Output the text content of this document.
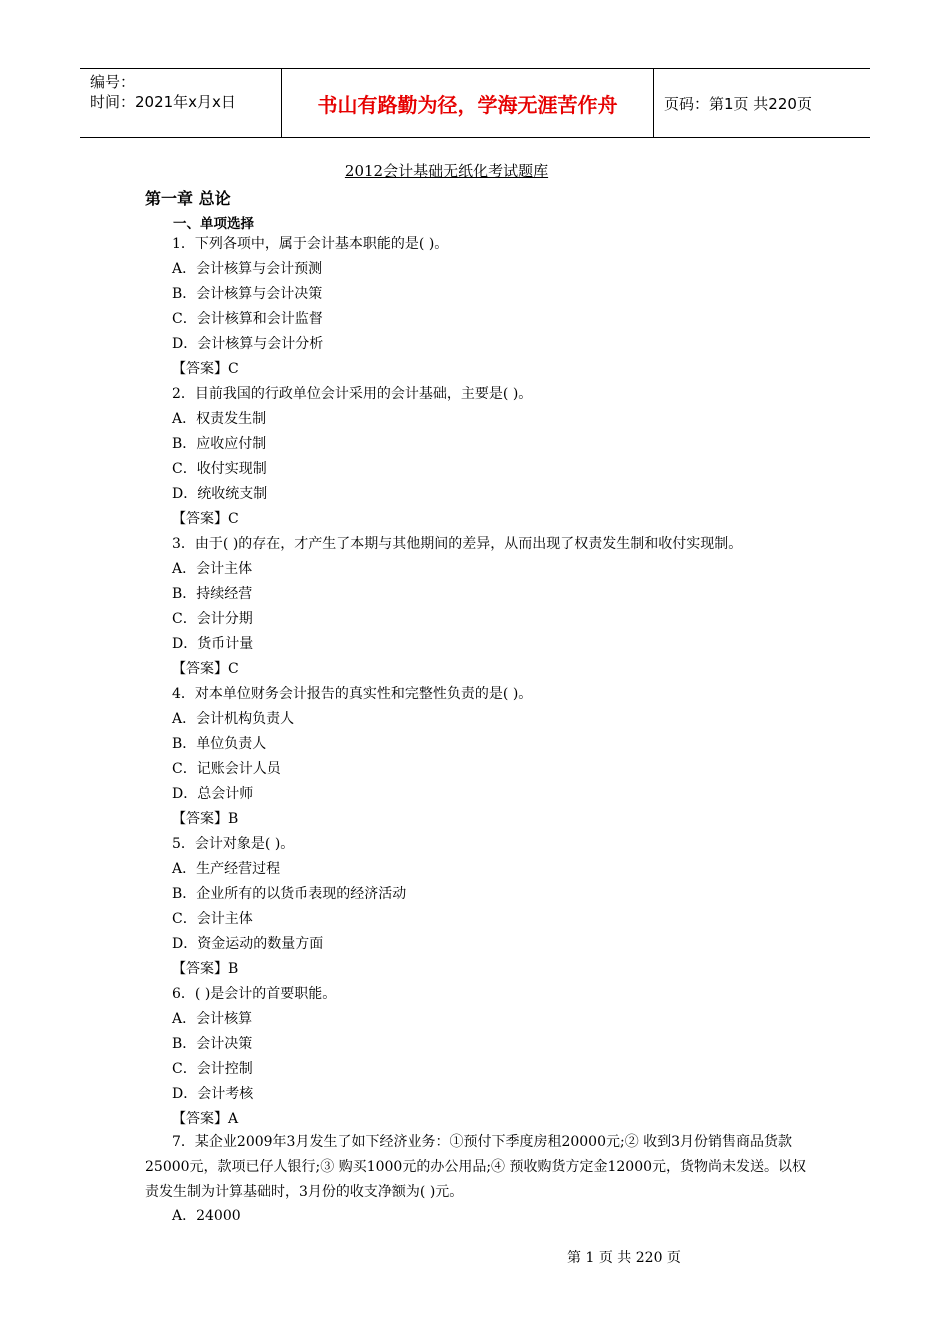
编号：
时间：2021年x月x日	书山有路勤为径，学海无涯苦作舟	页码：第1页 共220页
2012会计基础无纸化考试题库
第一章 总论
一、单项选择
1．下列各项中，属于会计基本职能的是( )。
A．会计核算与会计预测
B．会计核算与会计决策
C．会计核算和会计监督
D．会计核算与会计分析
【答案】C
2．目前我国的行政单位会计采用的会计基础，主要是( )。
A．权责发生制
B．应收应付制
C．收付实现制
D．统收统支制
【答案】C
3．由于( )的存在，才产生了本期与其他期间的差异，从而出现了权责发生制和收付实现制。
A．会计主体
B．持续经营
C．会计分期
D．货币计量
【答案】C
4．对本单位财务会计报告的真实性和完整性负责的是( )。
A．会计机构负责人
B．单位负责人
C．记账会计人员
D．总会计师
【答案】B
5．会计对象是( )。
A．生产经营过程
B．企业所有的以货币表现的经济活动
C．会计主体
D．资金运动的数量方面
【答案】B
6．( )是会计的首要职能。
A．会计核算
B．会计决策
C．会计控制
D．会计考核
【答案】A
7．某企业2009年3月发生了如下经济业务：①预付下季度房租20000元;② 收到3月份销售商品货款25000元，款项已仔人银行;③ 购买1000元的办公用品;④ 预收购货方定金12000元，货物尚未发送。以权责发生制为计算基础时，3月份的收支净额为( )元。
A．24000
第 1 页 共 220 页
